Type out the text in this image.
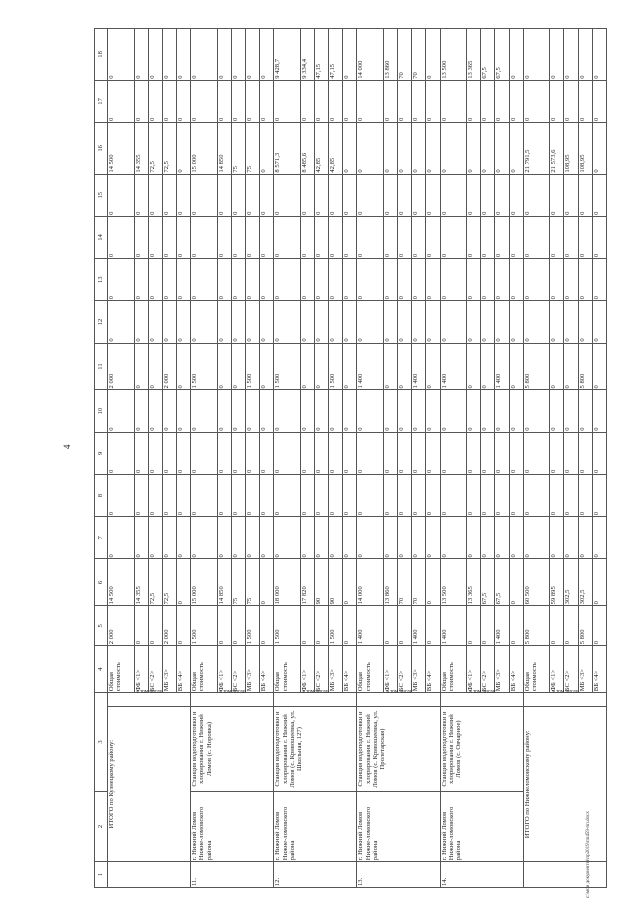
4
c:\мои документы\пр2019\пп459-пп.docx
1	2	3		4	5	6	7	8	9	10	11	12	13	14	15	16	17	18
	ИТОГО по Кузнецкому району:		в том числе:	Общая стоимость	2 000	14 500	0	0	0	0	2 000	0	0	0	0	14 500	0	0
				ФБ <1>	0	14 355	0	0	0	0	0	0	0	0	0	14 355	0	0
				БС <2>	0	72,5	0	0	0	0	0	0	0	0	0	72,5	0	0
				МБ <3>	2 000	72,5	0	0	0	0	2 000	0	0	0	0	72,5	0	0
				ВБ <4>	0	0	0	0	0	0	0	0	0	0	0	0	0	0
11.	г. Нижний Ломов Нижне-ломовского района	Станция водоподготовки и хлорирования г. Нижний Ломов (с. Норовка)	в том числе:	Общая стоимость	1 500	15 000	0	0	0	0	1 500	0	0	0	0	15 000	0	0
				ФБ <1>	0	14 850	0	0	0	0	0	0	0	0	0	14 850	0	0
				БС <2>	0	75	0	0	0	0	0	0	0	0	0	75	0	0
				МБ <3>	1 500	75	0	0	0	0	1 500	0	0	0	0	75	0	0
				ВБ <4>	0	0	0	0	0	0	0	0	0	0	0	0	0	0
12.	г. Нижний Ломов Нижне-ломовского района	Станция водоподготовки и хлорирования г. Нижний Ломов (с. Кривошеевка, ул. Школьная, 127)	в том числе:	Общая стоимость	1 500	18 000	0	0	0	0	1 500	0	0	0	0	8 571,3	0	9 428,7
				ФБ <1>	0	17 820	0	0	0	0	0	0	0	0	0	8 485,6	0	9 334,4
				БС <2>	0	90	0	0	0	0	0	0	0	0	0	42,85	0	47,15
				МБ <3>	1 500	90	0	0	0	0	1 500	0	0	0	0	42,85	0	47,15
				ВБ <4>	0	0	0	0	0	0	0	0	0	0	0	0	0	0
13.	г. Нижний Ломов Нижне-ломовского района	Станция водоподготовки и хлорирования г. Нижний Ломов (с. Кривошеевка, ул. Пролетарская)	в том числе:	Общая стоимость	1 400	14 000	0	0	0	0	1 400	0	0	0	0	0	0	14 000
				ФБ <1>	0	13 860	0	0	0	0	0	0	0	0	0	0	0	13 860
				БС <2>	0	70	0	0	0	0	0	0	0	0	0	0	0	70
				МБ <3>	1 400	70	0	0	0	0	1 400	0	0	0	0	0	0	70
				ВБ <4>	0	0	0	0	0	0	0	0	0	0	0	0	0	0
14.	г. Нижний Ломов Нижне-ломовского района	Станция водоподготовки и хлорирования г. Нижний Ломов (с. Овчарное)	в том числе:	Общая стоимость	1 400	13 500	0	0	0	0	1 400	0	0	0	0	0	0	13 500
				ФБ <1>	0	13 365	0	0	0	0	0	0	0	0	0	0	0	13 365
				БС <2>	0	67,5	0	0	0	0	0	0	0	0	0	0	0	67,5
				МБ <3>	1 400	67,5	0	0	0	0	1 400	0	0	0	0	0	0	67,5
				ВБ <4>	0	0	0	0	0	0	0	0	0	0	0	0	0	0
	ИТОГО по Нижнеломовскому району:		в том числе:	Общая стоимость	5 800	60 500	0	0	0	0	5 800	0	0	0	0	21 791,5	0	0
				ФБ <1>	0	59 895	0	0	0	0	0	0	0	0	0	21 573,6	0	0
				БС <2>	0	302,5	0	0	0	0	0	0	0	0	0	108,95	0	0
				МБ <3>	5 800	302,5	0	0	0	0	5 800	0	0	0	0	108,95	0	0
				ВБ <4>	0	0	0	0	0	0	0	0	0	0	0	0	0	0
